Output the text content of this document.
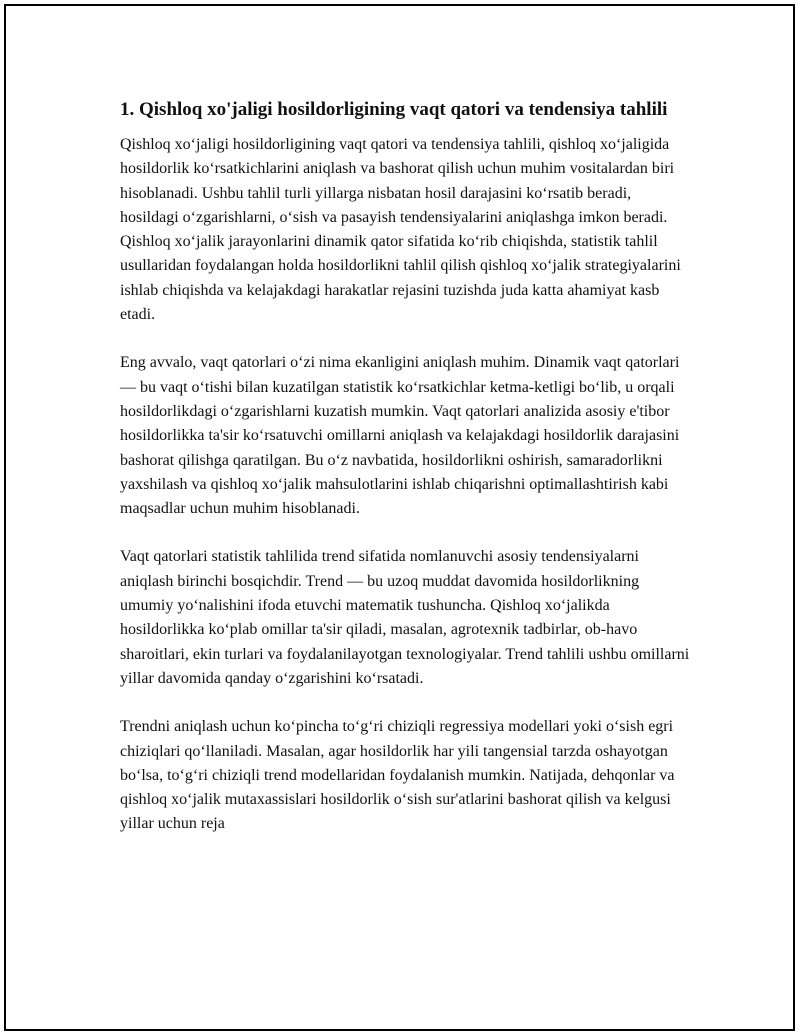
1. Qishloq xo'jaligi hosildorligining vaqt qatori va tendensiya tahlili

Qishloq xo‘jaligi hosildorligining vaqt qatori va tendensiya tahlili, qishloq xo‘jaligida hosildorlik ko‘rsatkichlarini aniqlash va bashorat qilish uchun muhim vositalardan biri hisoblanadi. Ushbu tahlil turli yillarga nisbatan hosil darajasini ko‘rsatib beradi, hosildagi o‘zgarishlarni, o‘sish va pasayish tendensiyalarini aniqlashga imkon beradi. Qishloq xo‘jalik jarayonlarini dinamik qator sifatida ko‘rib chiqishda, statistik tahlil usullaridan foydalangan holda hosildorlikni tahlil qilish qishloq xo‘jalik strategiyalarini ishlab chiqishda va kelajakdagi harakatlar rejasini tuzishda juda katta ahamiyat kasb etadi.

Eng avvalo, vaqt qatorlari o‘zi nima ekanligini aniqlash muhim. Dinamik vaqt qatorlari — bu vaqt o‘tishi bilan kuzatilgan statistik ko‘rsatkichlar ketma-ketligi bo‘lib, u orqali hosildorlikdagi o‘zgarishlarni kuzatish mumkin. Vaqt qatorlari analizida asosiy e'tibor hosildorlikka ta'sir ko‘rsatuvchi omillarni aniqlash va kelajakdagi hosildorlik darajasini bashorat qilishga qaratilgan. Bu o‘z navbatida, hosildorlikni oshirish, samaradorlikni yaxshilash va qishloq xo‘jalik mahsulotlarini ishlab chiqarishni optimallashtirish kabi maqsadlar uchun muhim hisoblanadi.

Vaqt qatorlari statistik tahlilida trend sifatida nomlanuvchi asosiy tendensiyalarni aniqlash birinchi bosqichdir. Trend — bu uzoq muddat davomida hosildorlikning umumiy yo‘nalishini ifoda etuvchi matematik tushuncha. Qishloq xo‘jalikda hosildorlikka ko‘plab omillar ta'sir qiladi, masalan, agrotexnik tadbirlar, ob-havo sharoitlari, ekin turlari va foydalanilayotgan texnologiyalar. Trend tahlili ushbu omillarni yillar davomida qanday o‘zgarishini ko‘rsatadi.

Trendni aniqlash uchun ko‘pincha to‘g‘ri chiziqli regressiya modellari yoki o‘sish egri chiziqlari qo‘llaniladi. Masalan, agar hosildorlik har yili tangensial tarzda oshayotgan bo‘lsa, to‘g‘ri chiziqli trend modellaridan foydalanish mumkin. Natijada, dehqonlar va qishloq xo‘jalik mutaxassislari hosildorlik o‘sish sur'atlarini bashorat qilish va kelgusi yillar uchun reja
